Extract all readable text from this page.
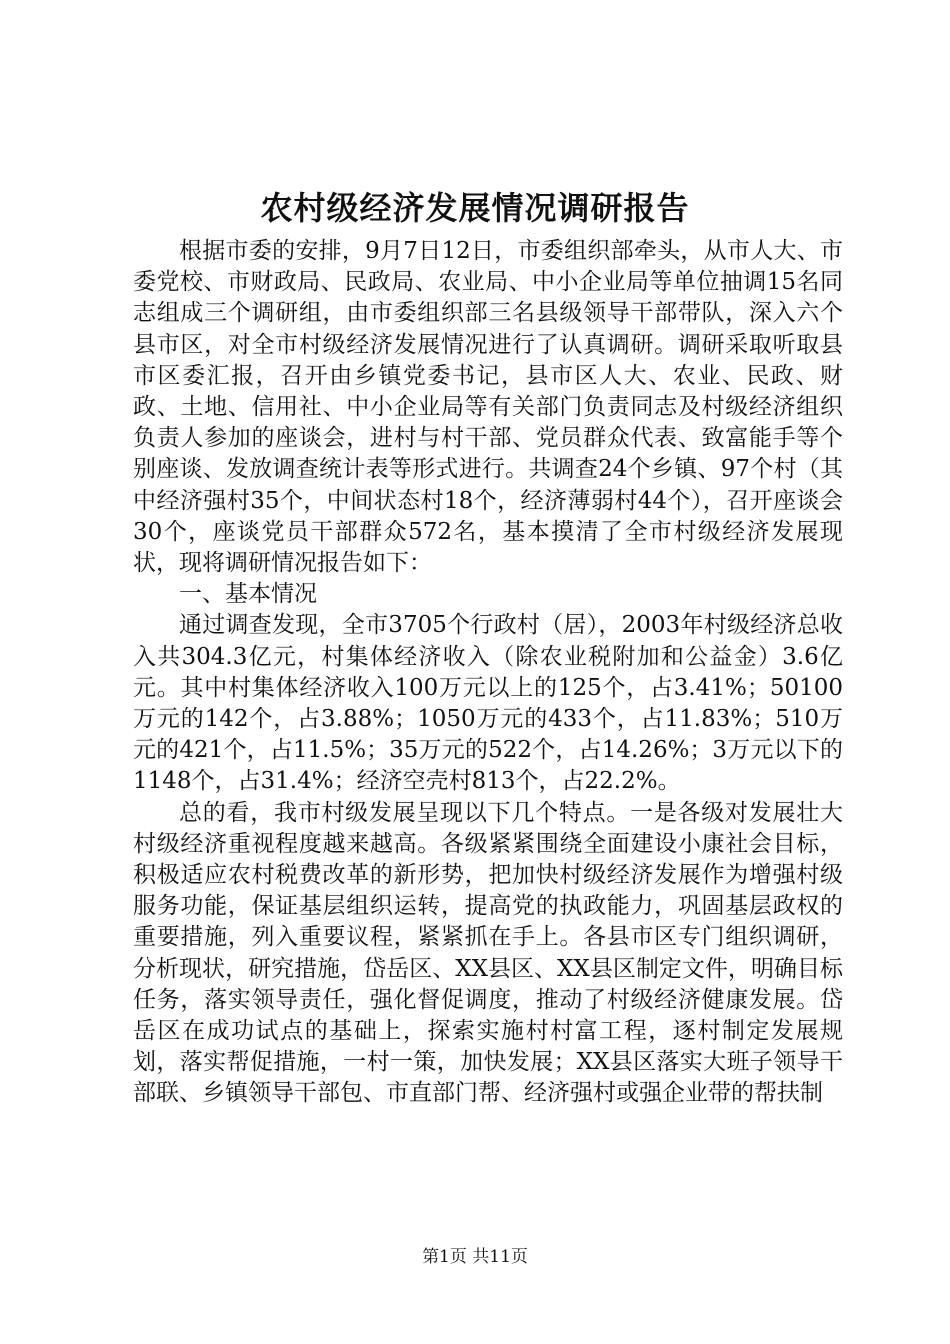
农村级经济发展情况调研报告

根据市委的安排，9月7日12日，市委组织部牵头，从市人大、市委党校、市财政局、民政局、农业局、中小企业局等单位抽调15名同志组成三个调研组，由市委组织部三名县级领导干部带队，深入六个县市区，对全市村级经济发展情况进行了认真调研。调研采取听取县市区委汇报，召开由乡镇党委书记，县市区人大、农业、民政、财政、土地、信用社、中小企业局等有关部门负责同志及村级经济组织负责人参加的座谈会，进村与村干部、党员群众代表、致富能手等个别座谈、发放调查统计表等形式进行。共调查24个乡镇、97个村（其中经济强村35个，中间状态村18个，经济薄弱村44个），召开座谈会30个，座谈党员干部群众572名，基本摸清了全市村级经济发展现状，现将调研情况报告如下：

一、基本情况

通过调查发现，全市3705个行政村（居），2003年村级经济总收入共304.3亿元，村集体经济收入（除农业税附加和公益金）3.6亿元。其中村集体经济收入100万元以上的125个，占3.41%；50100万元的142个，占3.88%；1050万元的433个，占11.83%；510万元的421个，占11.5%；35万元的522个，占14.26%；3万元以下的1148个，占31.4%；经济空壳村813个，占22.2%。

总的看，我市村级发展呈现以下几个特点。一是各级对发展壮大村级经济重视程度越来越高。各级紧紧围绕全面建设小康社会目标，积极适应农村税费改革的新形势，把加快村级经济发展作为增强村级服务功能，保证基层组织运转，提高党的执政能力，巩固基层政权的重要措施，列入重要议程，紧紧抓在手上。各县市区专门组织调研，分析现状，研究措施，岱岳区、XX县区、XX县区制定文件，明确目标任务，落实领导责任，强化督促调度，推动了村级经济健康发展。岱岳区在成功试点的基础上，探索实施村村富工程，逐村制定发展规划，落实帮促措施，一村一策，加快发展；XX县区落实大班子领导干部联、乡镇领导干部包、市直部门帮、经济强村或强企业带的帮扶制

第1页 共11页
